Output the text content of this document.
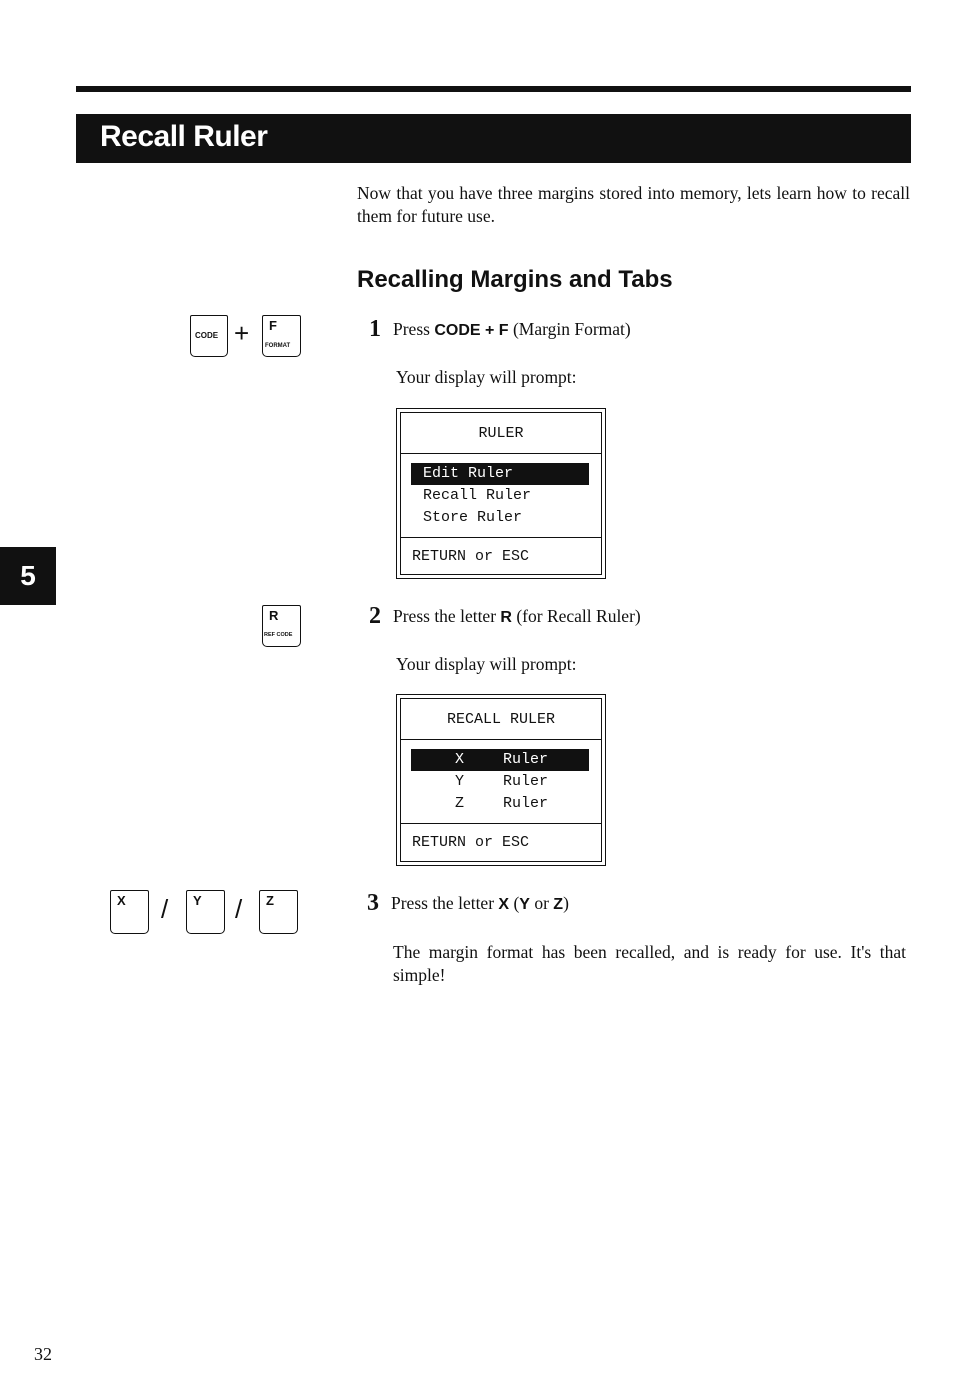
Recall Ruler
Now that you have three margins stored into memory, lets learn how to recall them for future use.
Recalling Margins and Tabs
CODE + F
FORMAT
1 Press CODE + F (Margin Format)
Your display will prompt:
RULER
Edit Ruler
Recall Ruler
Store Ruler
RETURN or ESC
R
REF CODE
2 Press the letter R (for Recall Ruler)
Your display will prompt:
RECALL RULER
X	Ruler
Y	Ruler
Z	Ruler
RETURN or ESC
X / Y / Z	3 Press the letter X (Y or Z)
The margin format has been recalled, and is ready for use. It's that simple!
5
32
